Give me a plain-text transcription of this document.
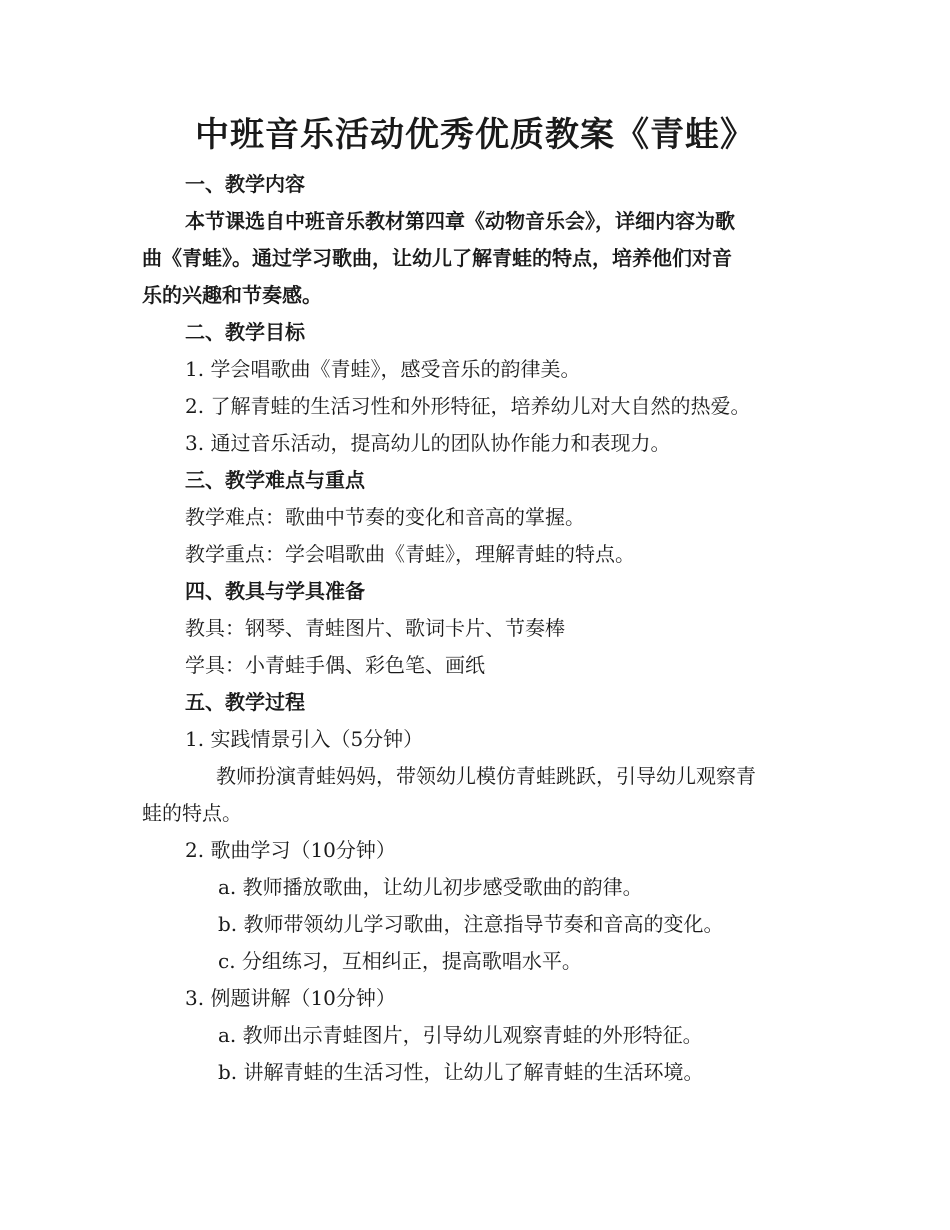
中班音乐活动优秀优质教案《青蛙》
一、教学内容
本节课选自中班音乐教材第四章《动物音乐会》，详细内容为歌
曲《青蛙》。通过学习歌曲，让幼儿了解青蛙的特点，培养他们对音
乐的兴趣和节奏感。
二、教学目标
1. 学会唱歌曲《青蛙》，感受音乐的韵律美。
2. 了解青蛙的生活习性和外形特征，培养幼儿对大自然的热爱。
3. 通过音乐活动，提高幼儿的团队协作能力和表现力。
三、教学难点与重点
教学难点：歌曲中节奏的变化和音高的掌握。
教学重点：学会唱歌曲《青蛙》，理解青蛙的特点。
四、教具与学具准备
教具：钢琴、青蛙图片、歌词卡片、节奏棒
学具：小青蛙手偶、彩色笔、画纸
五、教学过程
1. 实践情景引入（5分钟）
教师扮演青蛙妈妈，带领幼儿模仿青蛙跳跃，引导幼儿观察青
蛙的特点。
2. 歌曲学习（10分钟）
a. 教师播放歌曲，让幼儿初步感受歌曲的韵律。
b. 教师带领幼儿学习歌曲，注意指导节奏和音高的变化。
c. 分组练习，互相纠正，提高歌唱水平。
3. 例题讲解（10分钟）
a. 教师出示青蛙图片，引导幼儿观察青蛙的外形特征。
b. 讲解青蛙的生活习性，让幼儿了解青蛙的生活环境。
